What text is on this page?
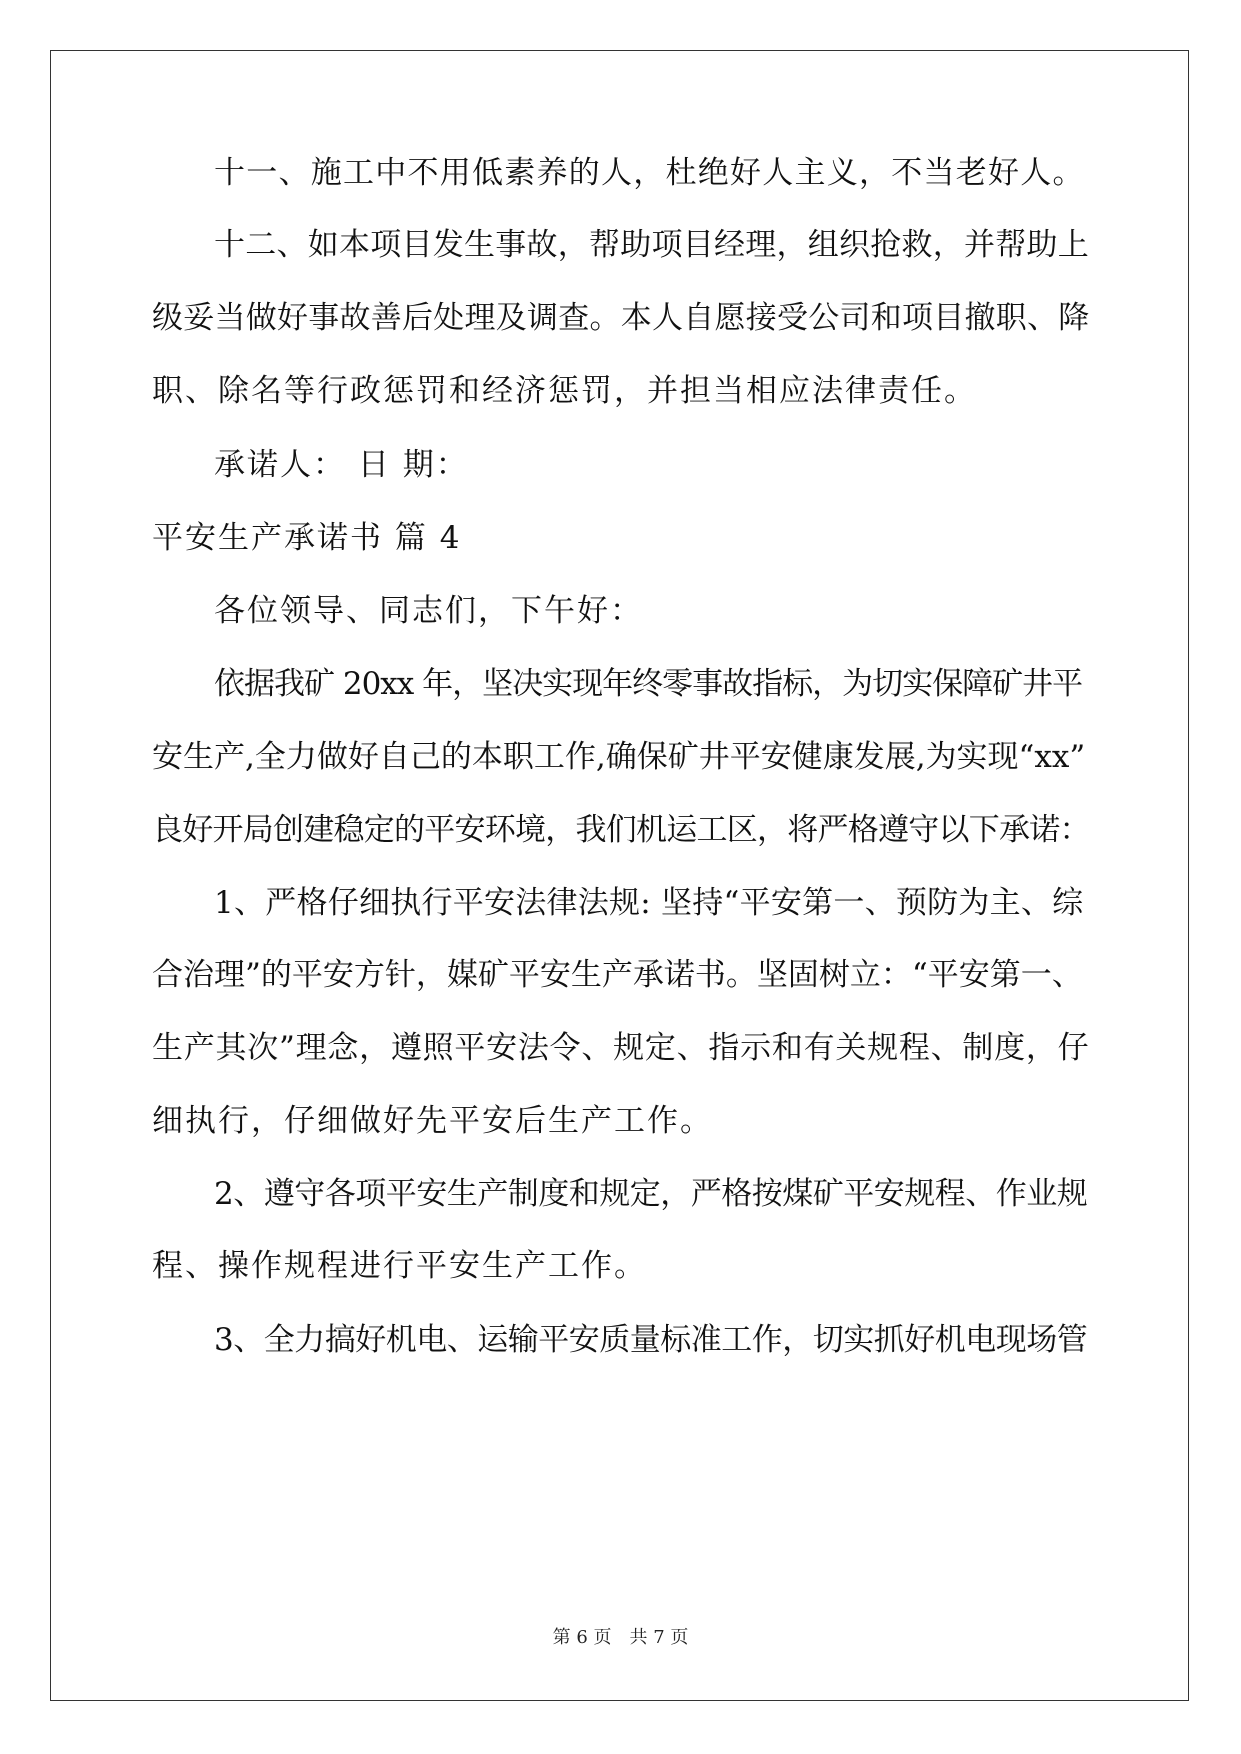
十一、施工中不用低素养的人，杜绝好人主义，不当老好人。

十二、如本项目发生事故，帮助项目经理，组织抢救，并帮助上

级妥当做好事故善后处理及调查。本人自愿接受公司和项目撤职、降

职、除名等行政惩罚和经济惩罚，并担当相应法律责任。

承诺人： 日 期：

平安生产承诺书 篇 4

各位领导、同志们，下午好：

依据我矿 20xx 年，坚决实现年终零事故指标，为切实保障矿井平

安生产,全力做好自己的本职工作,确保矿井平安健康发展,为实现“xx”

良好开局创建稳定的平安环境，我们机运工区，将严格遵守以下承诺：

1、严格仔细执行平安法律法规: 坚持“平安第一、预防为主、综

合治理”的平安方针，媒矿平安生产承诺书。坚固树立：“平安第一、

生产其次”理念，遵照平安法令、规定、指示和有关规程、制度，仔

细执行，仔细做好先平安后生产工作。

2、遵守各项平安生产制度和规定，严格按煤矿平安规程、作业规

程、操作规程进行平安生产工作。

3、全力搞好机电、运输平安质量标准工作，切实抓好机电现场管

第 6 页 共 7 页
